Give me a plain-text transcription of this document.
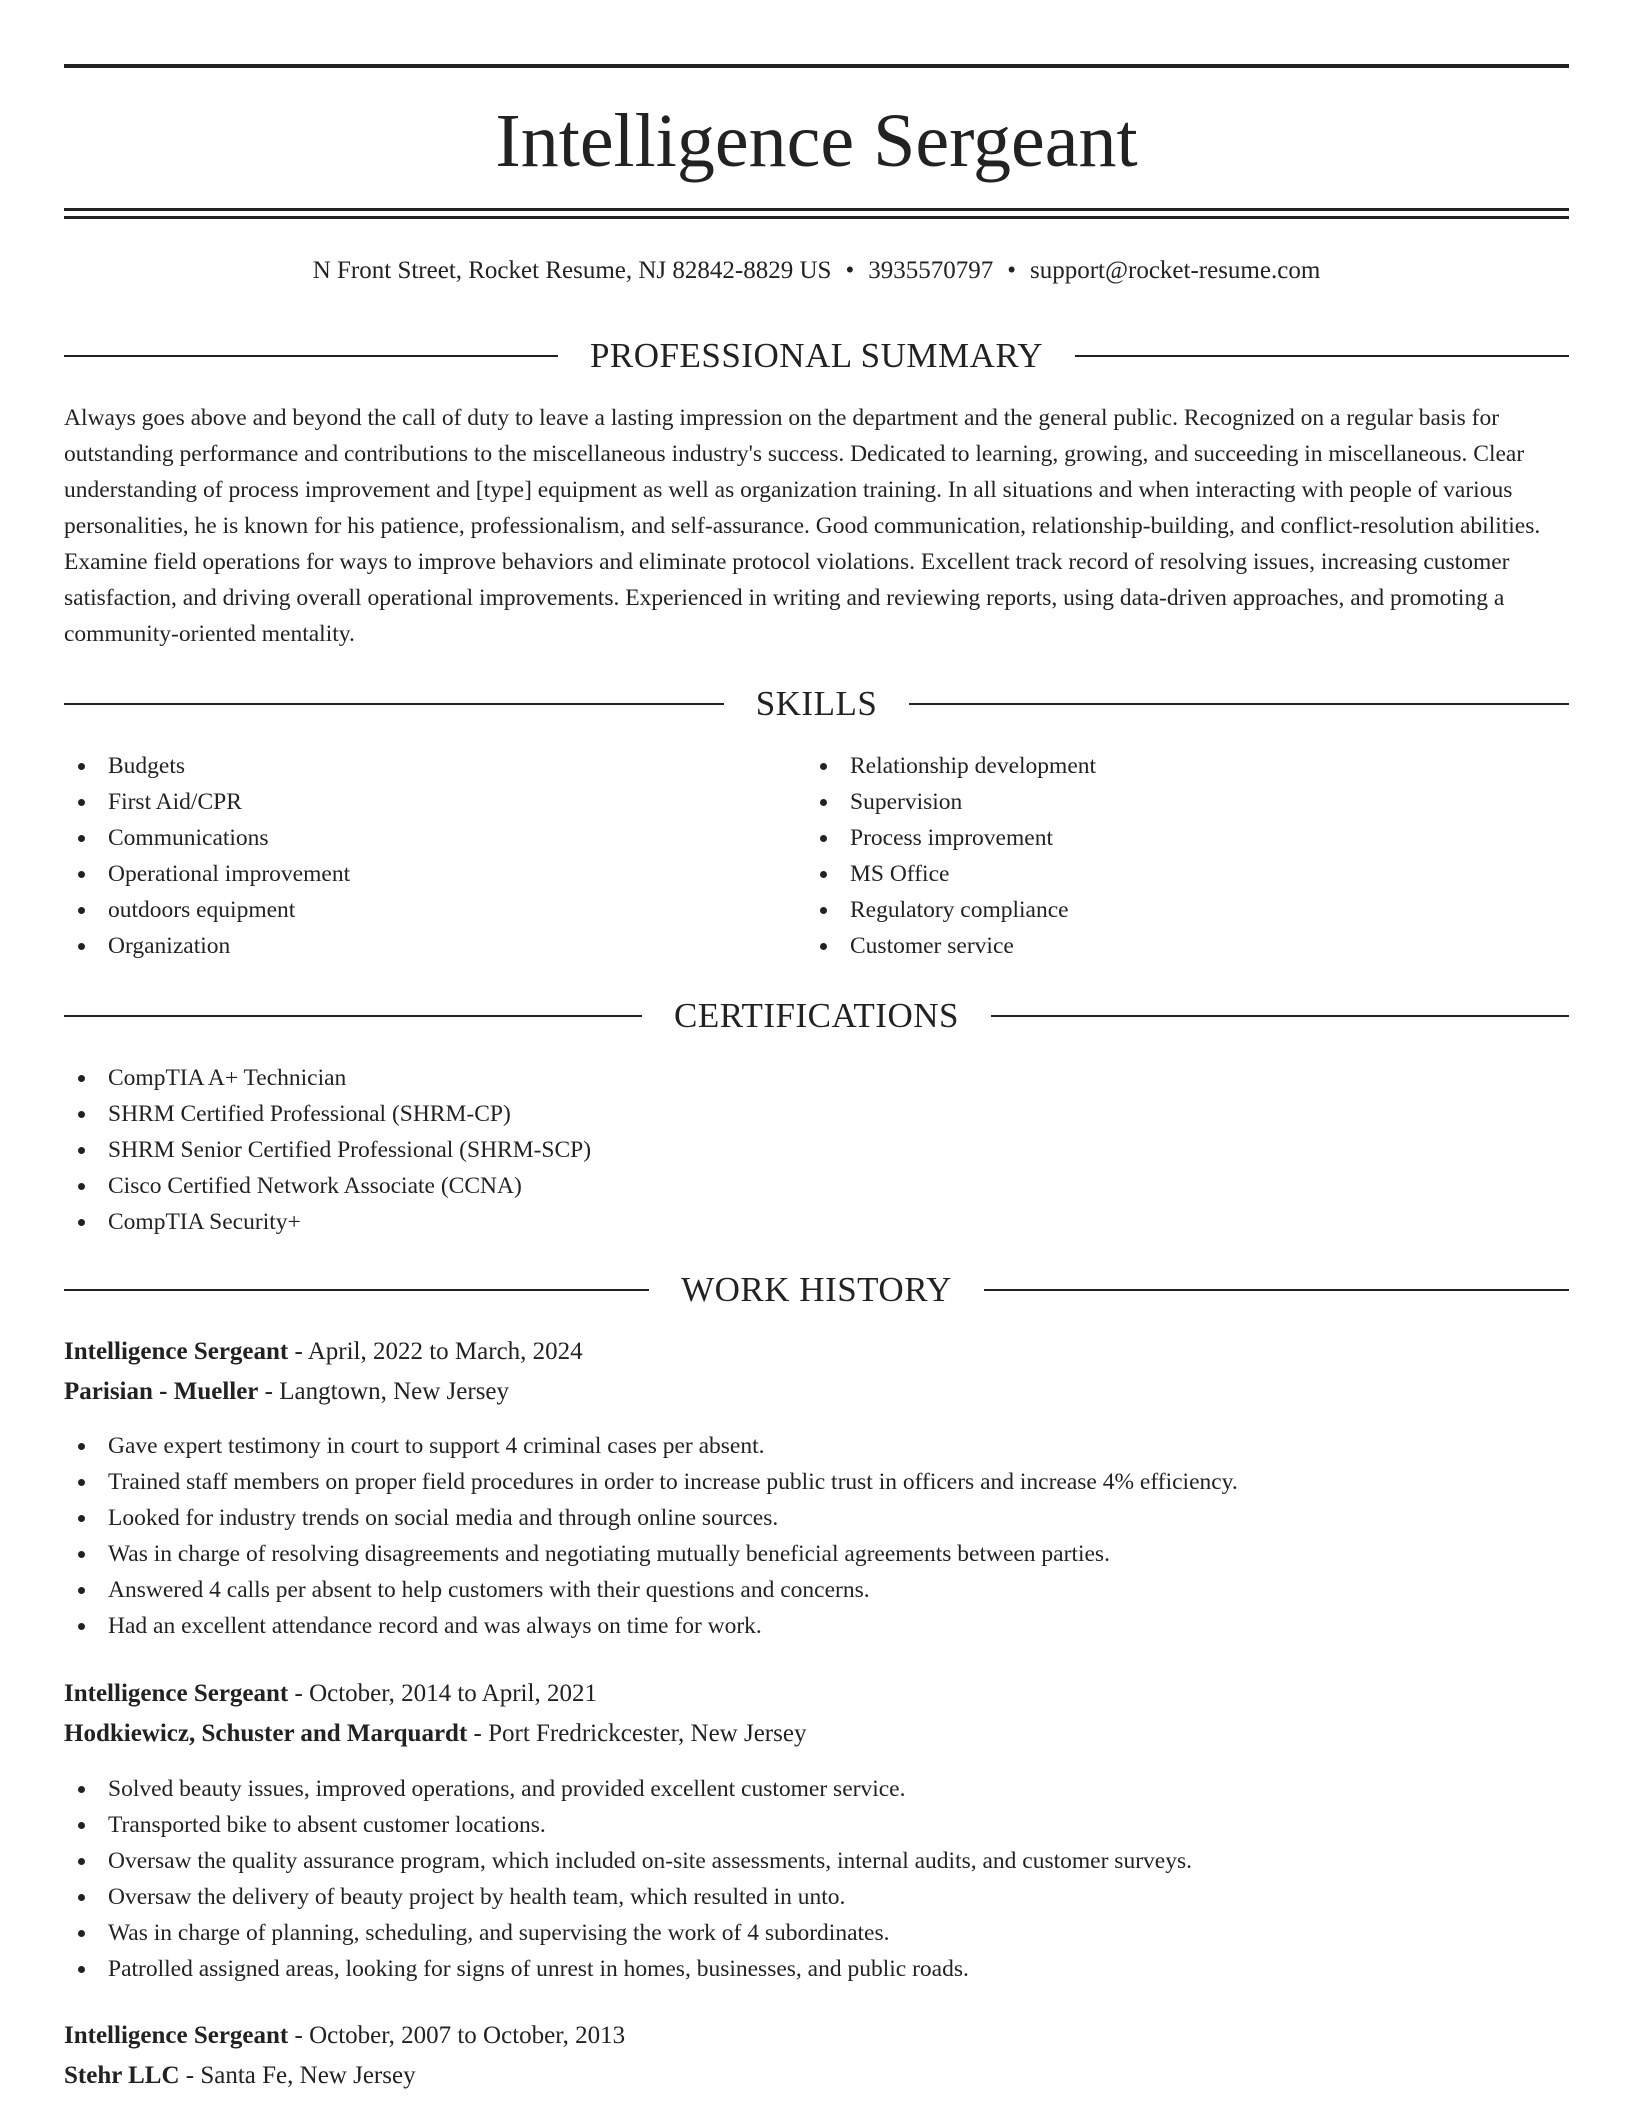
Intelligence Sergeant
N Front Street, Rocket Resume, NJ 82842-8829 US • 3935570797 • support@rocket-resume.com
PROFESSIONAL SUMMARY

Always goes above and beyond the call of duty to leave a lasting impression on the department and the general public. Recognized on a regular basis for outstanding performance and contributions to the miscellaneous industry's success. Dedicated to learning, growing, and succeeding in miscellaneous. Clear understanding of process improvement and [type] equipment as well as organization training. In all situations and when interacting with people of various personalities, he is known for his patience, professionalism, and self-assurance. Good communication, relationship-building, and conflict-resolution abilities. Examine field operations for ways to improve behaviors and eliminate protocol violations. Excellent track record of resolving issues, increasing customer satisfaction, and driving overall operational improvements. Experienced in writing and reviewing reports, using data-driven approaches, and promoting a community-oriented mentality.

SKILLS
Budgets
First Aid/CPR
Communications
Operational improvement
outdoors equipment
Organization
Relationship development
Supervision
Process improvement
MS Office
Regulatory compliance
Customer service
CERTIFICATIONS
CompTIA A+ Technician
SHRM Certified Professional (SHRM-CP)
SHRM Senior Certified Professional (SHRM-SCP)
Cisco Certified Network Associate (CCNA)
CompTIA Security+
WORK HISTORY
Intelligence Sergeant - April, 2022 to March, 2024
Parisian - Mueller - Langtown, New Jersey
Gave expert testimony in court to support 4 criminal cases per absent.
Trained staff members on proper field procedures in order to increase public trust in officers and increase 4% efficiency.
Looked for industry trends on social media and through online sources.
Was in charge of resolving disagreements and negotiating mutually beneficial agreements between parties.
Answered 4 calls per absent to help customers with their questions and concerns.
Had an excellent attendance record and was always on time for work.
Intelligence Sergeant - October, 2014 to April, 2021
Hodkiewicz, Schuster and Marquardt - Port Fredrickcester, New Jersey
Solved beauty issues, improved operations, and provided excellent customer service.
Transported bike to absent customer locations.
Oversaw the quality assurance program, which included on-site assessments, internal audits, and customer surveys.
Oversaw the delivery of beauty project by health team, which resulted in unto.
Was in charge of planning, scheduling, and supervising the work of 4 subordinates.
Patrolled assigned areas, looking for signs of unrest in homes, businesses, and public roads.
Intelligence Sergeant - October, 2007 to October, 2013
Stehr LLC - Santa Fe, New Jersey
